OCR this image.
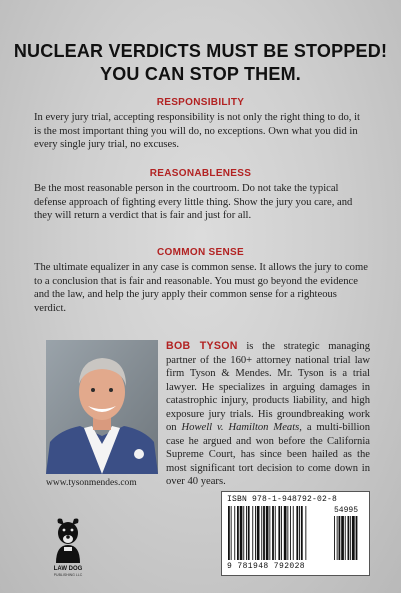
NUCLEAR VERDICTS MUST BE STOPPED!
YOU CAN STOP THEM.
RESPONSIBILITY
In every jury trial, accepting responsibility is not only the right thing to do, it is the most important thing you will do, no exceptions. Own what you did in every single jury trial, no excuses.
REASONABLENESS
Be the most reasonable person in the courtroom. Do not take the typical defense approach of fighting every little thing. Show the jury you care, and they will return a verdict that is fair and just for all.
COMMON SENSE
The ultimate equalizer in any case is common sense. It allows the jury to come to a conclusion that is fair and reasonable. You must go beyond the evidence and the law, and help the jury apply their common sense for a righteous verdict.
BOB TYSON is the strategic managing partner of the 160+ attorney national trial law firm Tyson & Mendes. Mr. Tyson is a trial lawyer. He specializes in arguing damages in catastrophic injury, products liability, and high exposure jury trials. His groundbreaking work on Howell v. Hamilton Meats, a multi-billion case he argued and won before the California Supreme Court, has since been hailed as the most significant tort decision to come down in over 40 years.
www.tysonmendes.com
LAW DOG
PUBLISHING LLC
ISBN 978-1-948792-02-8
54995
9 781948 792028
